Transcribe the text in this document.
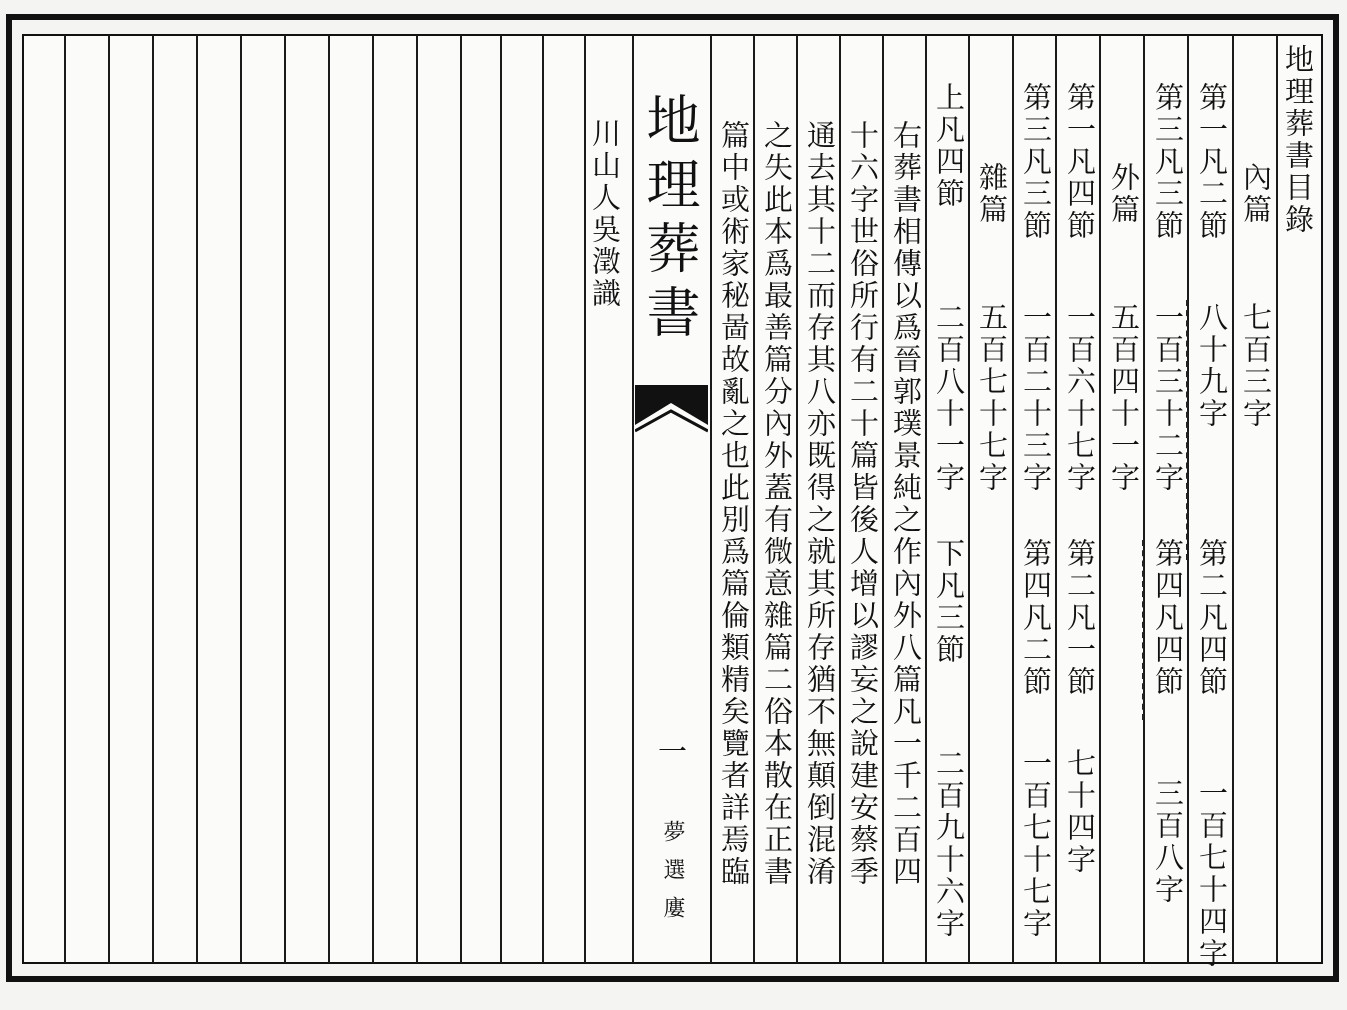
地理葬書目錄
內篇
七百三字
第一凡二節
八十九字
第二凡四節
一百七十四字
第三凡三節
一百三十二字
第四凡四節
三百八字
外篇
五百四十一字
第一凡四節
一百六十七字
第二凡一節
七十四字
第三凡三節
一百二十三字
第四凡二節
一百七十七字
雜篇
五百七十七字
上凡四節
二百八十一字
下凡三節
二百九十六字
右葬書相傳以爲晉郭璞景純之作內外八篇凡一千二百四
十六字世俗所行有二十篇皆後人增以謬妄之說建安蔡季
通去其十二而存其八亦既得之就其所存猶不無顛倒混淆
之失此本爲最善篇分內外蓋有微意雜篇二俗本散在正書
篇中或術家秘啚故亂之也此別爲篇倫類精矣覽者詳焉臨
地理葬書
一
夢選廔
川山人吳澂識
